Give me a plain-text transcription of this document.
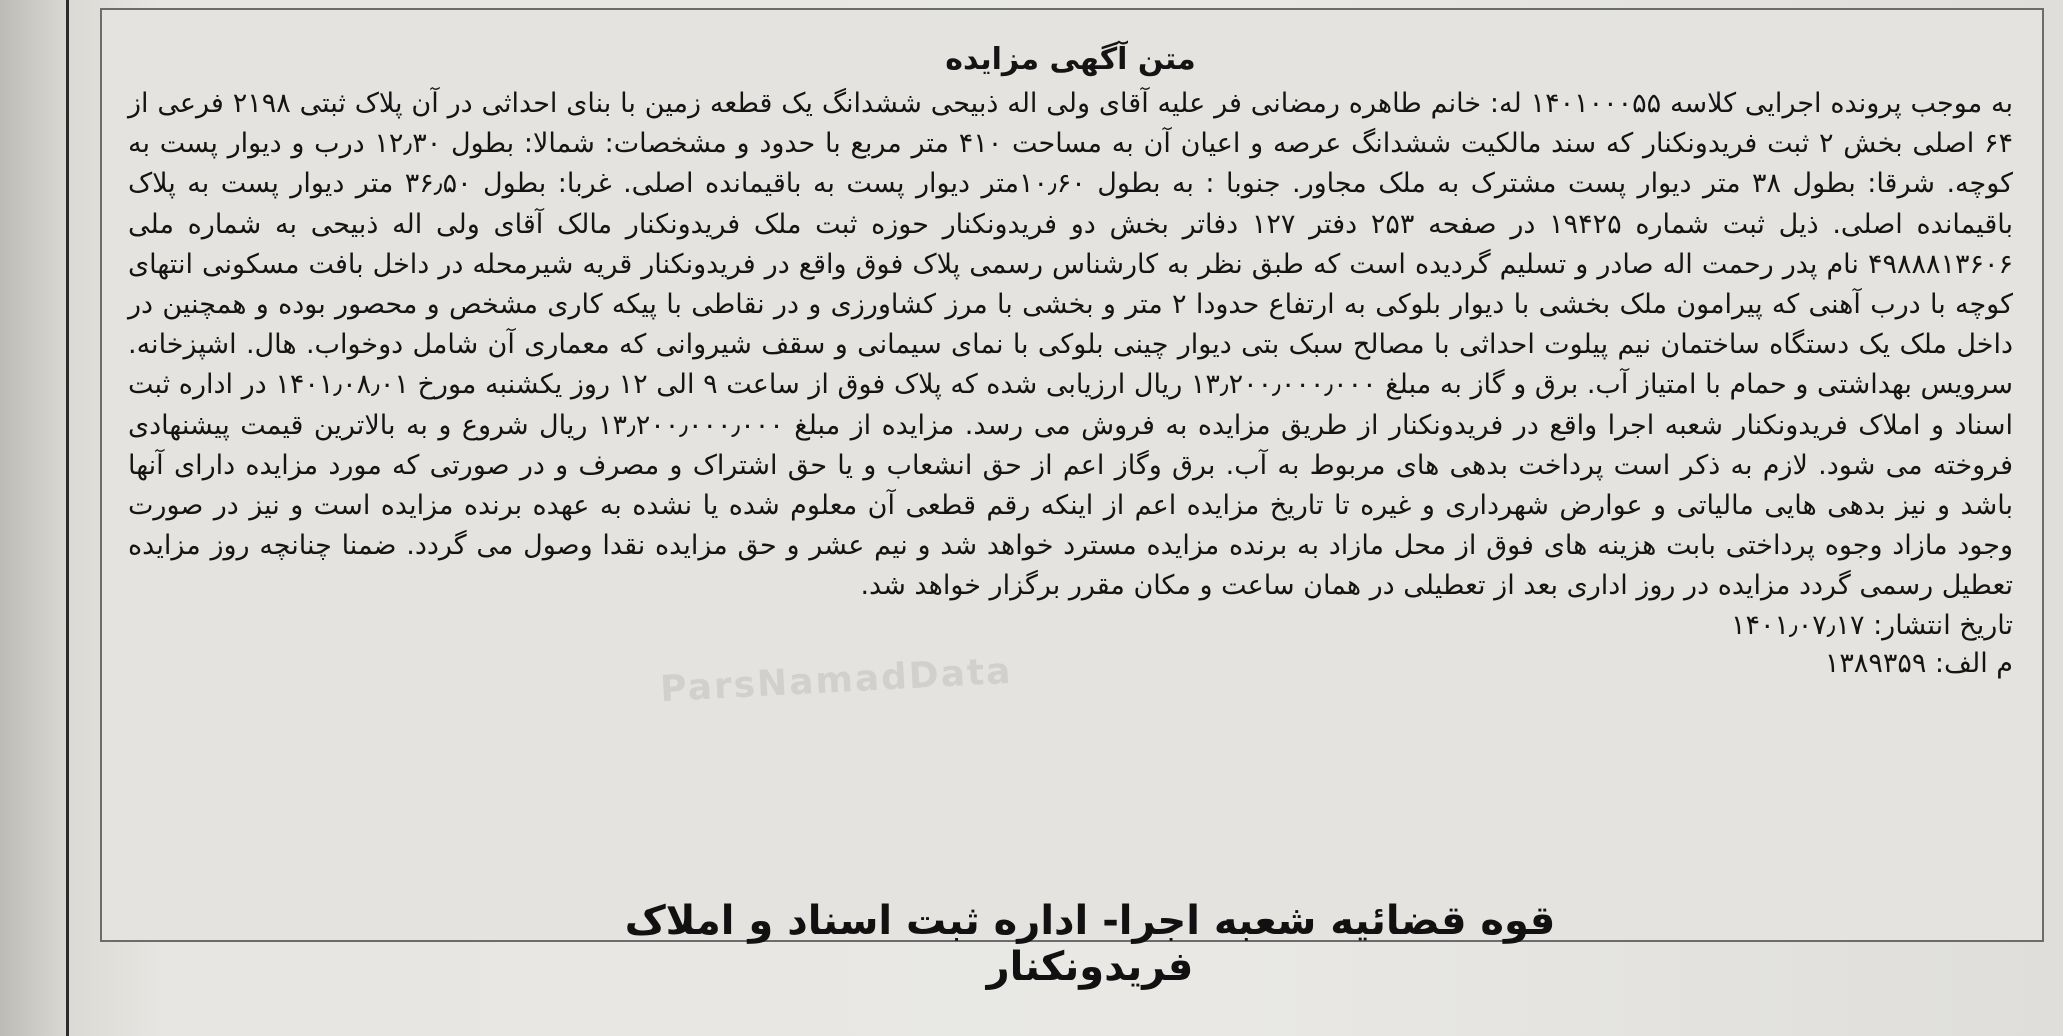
متن آگهی مزایده

به موجب پرونده اجرایی کلاسه ۱۴۰۱۰۰۰۵۵ له: خانم طاهره رمضانی فر علیه آقای ولی اله ذبیحی ششدانگ یک قطعه زمین با بنای احداثی در آن پلاک ثبتی ۲۱۹۸ فرعی از ۶۴ اصلی بخش ۲ ثبت فریدونکنار که سند مالکیت ششدانگ عرصه و اعیان آن به مساحت ۴۱۰ متر مربع با حدود و مشخصات: شمالا: بطول ۱۲٫۳۰ درب و دیوار پست به کوچه. شرقا: بطول ۳۸ متر دیوار پست مشترک به ملک مجاور. جنوبا : به بطول ۱۰٫۶۰متر دیوار پست به باقیمانده اصلی. غربا: بطول ۳۶٫۵۰ متر دیوار پست به پلاک باقیمانده اصلی. ذیل ثبت شماره ۱۹۴۲۵ در صفحه ۲۵۳ دفتر ۱۲۷ دفاتر بخش دو فریدونکنار حوزه ثبت ملک فریدونکنار مالک آقای ولی اله ذبیحی به شماره ملی ۴۹۸۸۸۱۳۶۰۶ نام پدر رحمت اله صادر و تسلیم گردیده است که طبق نظر به کارشناس رسمی پلاک فوق واقع در فریدونکنار قریه شیرمحله در داخل بافت مسکونی انتهای کوچه با درب آهنی که پیرامون ملک بخشی با دیوار بلوکی به ارتفاع حدودا ۲ متر و بخشی با مرز کشاورزی و در نقاطی با پیکه کاری مشخص و محصور بوده و همچنین در داخل ملک یک دستگاه ساختمان نیم پیلوت احداثی با مصالح سبک بتی دیوار چینی بلوکی با نمای سیمانی و سقف شیروانی که معماری آن شامل دوخواب. هال. اشپزخانه. سرویس بهداشتی و حمام با امتیاز آب. برق و گاز به مبلغ ۱۳٫۲۰۰٫۰۰۰٫۰۰۰ ریال ارزیابی شده که پلاک فوق از ساعت ۹ الی ۱۲ روز یکشنبه مورخ ۱۴۰۱٫۰۸٫۰۱ در اداره ثبت اسناد و املاک فریدونکنار شعبه اجرا واقع در فریدونکنار از طریق مزایده به فروش می رسد. مزایده از مبلغ ۱۳٫۲۰۰٫۰۰۰٫۰۰۰ ریال شروع و به بالاترین قیمت پیشنهادی فروخته می شود. لازم به ذکر است پرداخت بدهی های مربوط به آب. برق وگاز اعم از حق انشعاب و یا حق اشتراک و مصرف و در صورتی که مورد مزایده دارای آنها باشد و نیز بدهی هایی مالیاتی و عوارض شهرداری و غیره تا تاریخ مزایده اعم از اینکه رقم قطعی آن معلوم شده یا نشده به عهده برنده مزایده است و نیز در صورت وجود مازاد وجوه پرداختی بابت هزینه های فوق از محل مازاد به برنده مزایده مسترد خواهد شد و نیم عشر و حق مزایده نقدا وصول می گردد. ضمنا چنانچه روز مزایده تعطیل رسمی گردد مزایده در روز اداری بعد از تعطیلی در همان ساعت و مکان مقرر برگزار خواهد شد.

تاریخ انتشار: ۱۴۰۱٫۰۷٫۱۷

م الف: ۱۳۸۹۳۵۹

قوه قضائیه شعبه اجرا- اداره ثبت اسناد و املاک فریدونکنار
